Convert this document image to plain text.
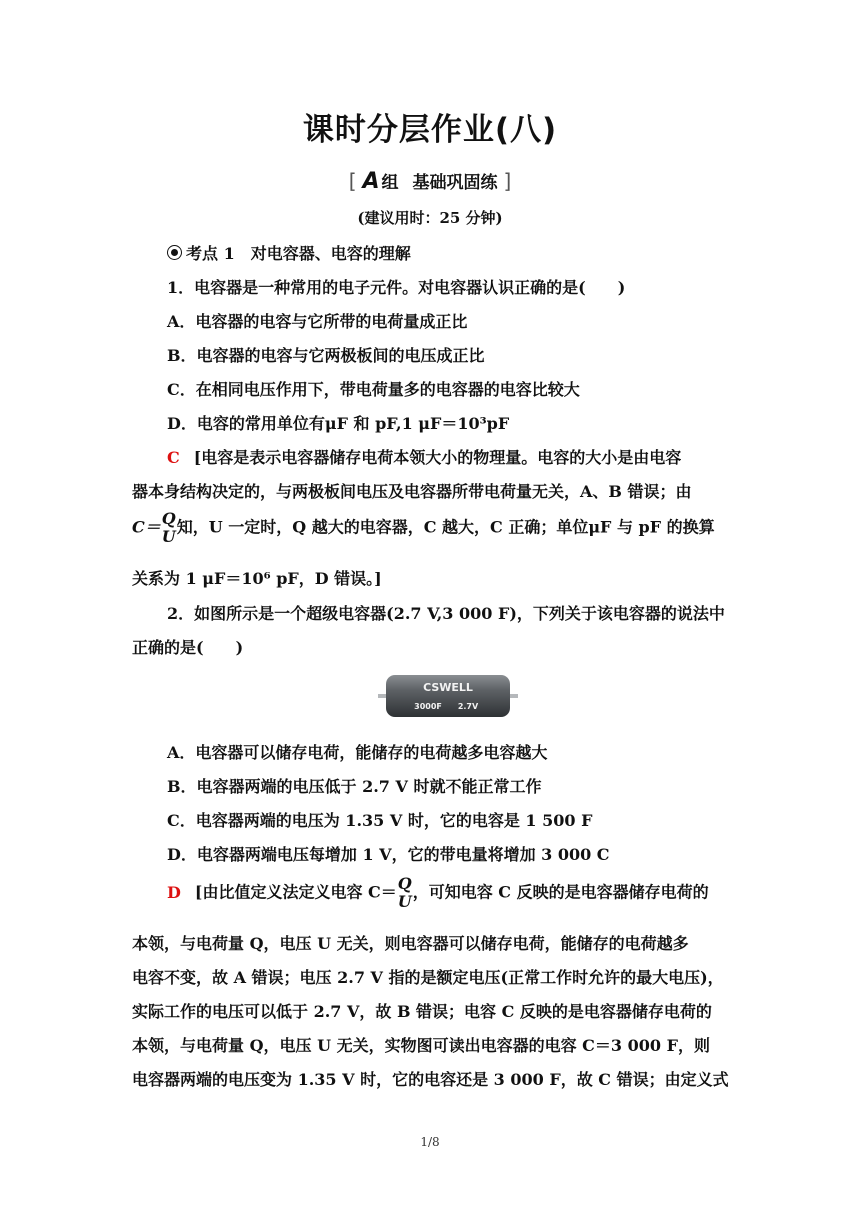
课时分层作业(八)
[ A 组 基础巩固练 ]
(建议用时：25 分钟)
考点 1　对电容器、电容的理解
1．电容器是一种常用的电子元件。对电容器认识正确的是(　　)
A．电容器的电容与它所带的电荷量成正比
B．电容器的电容与它两极板间的电压成正比
C．在相同电压作用下，带电荷量多的电容器的电容比较大
D．电容的常用单位有μF 和 pF,1 μF＝10³pF
C [电容是表示电容器储存电荷本领大小的物理量。电容的大小是由电容
器本身结构决定的，与两极板间电压及电容器所带电荷量无关，A、B 错误；由
C＝ Q
U 知，U 一定时，Q 越大的电容器，C 越大，C 正确；单位μF 与 pF 的换算
关系为 1 μF＝10⁶ pF，D 错误。]
2．如图所示是一个超级电容器(2.7 V,3 000 F)，下列关于该电容器的说法中
正确的是(　　)
CSWELL
3000F 2.7V
A．电容器可以储存电荷，能储存的电荷越多电容越大
B．电容器两端的电压低于 2.7 V 时就不能正常工作
C．电容器两端的电压为 1.35 V 时，它的电容是 1 500 F
D．电容器两端电压每增加 1 V，它的带电量将增加 3 000 C
D [由比值定义法定义电容 C＝ Q
U ，可知电容 C 反映的是电容器储存电荷的
本领，与电荷量 Q，电压 U 无关，则电容器可以储存电荷，能储存的电荷越多
电容不变，故 A 错误；电压 2.7 V 指的是额定电压(正常工作时允许的最大电压)，
实际工作的电压可以低于 2.7 V，故 B 错误；电容 C 反映的是电容器储存电荷的
本领，与电荷量 Q，电压 U 无关，实物图可读出电容器的电容 C＝3 000 F，则
电容器两端的电压变为 1.35 V 时，它的电容还是 3 000 F，故 C 错误；由定义式
1/8
